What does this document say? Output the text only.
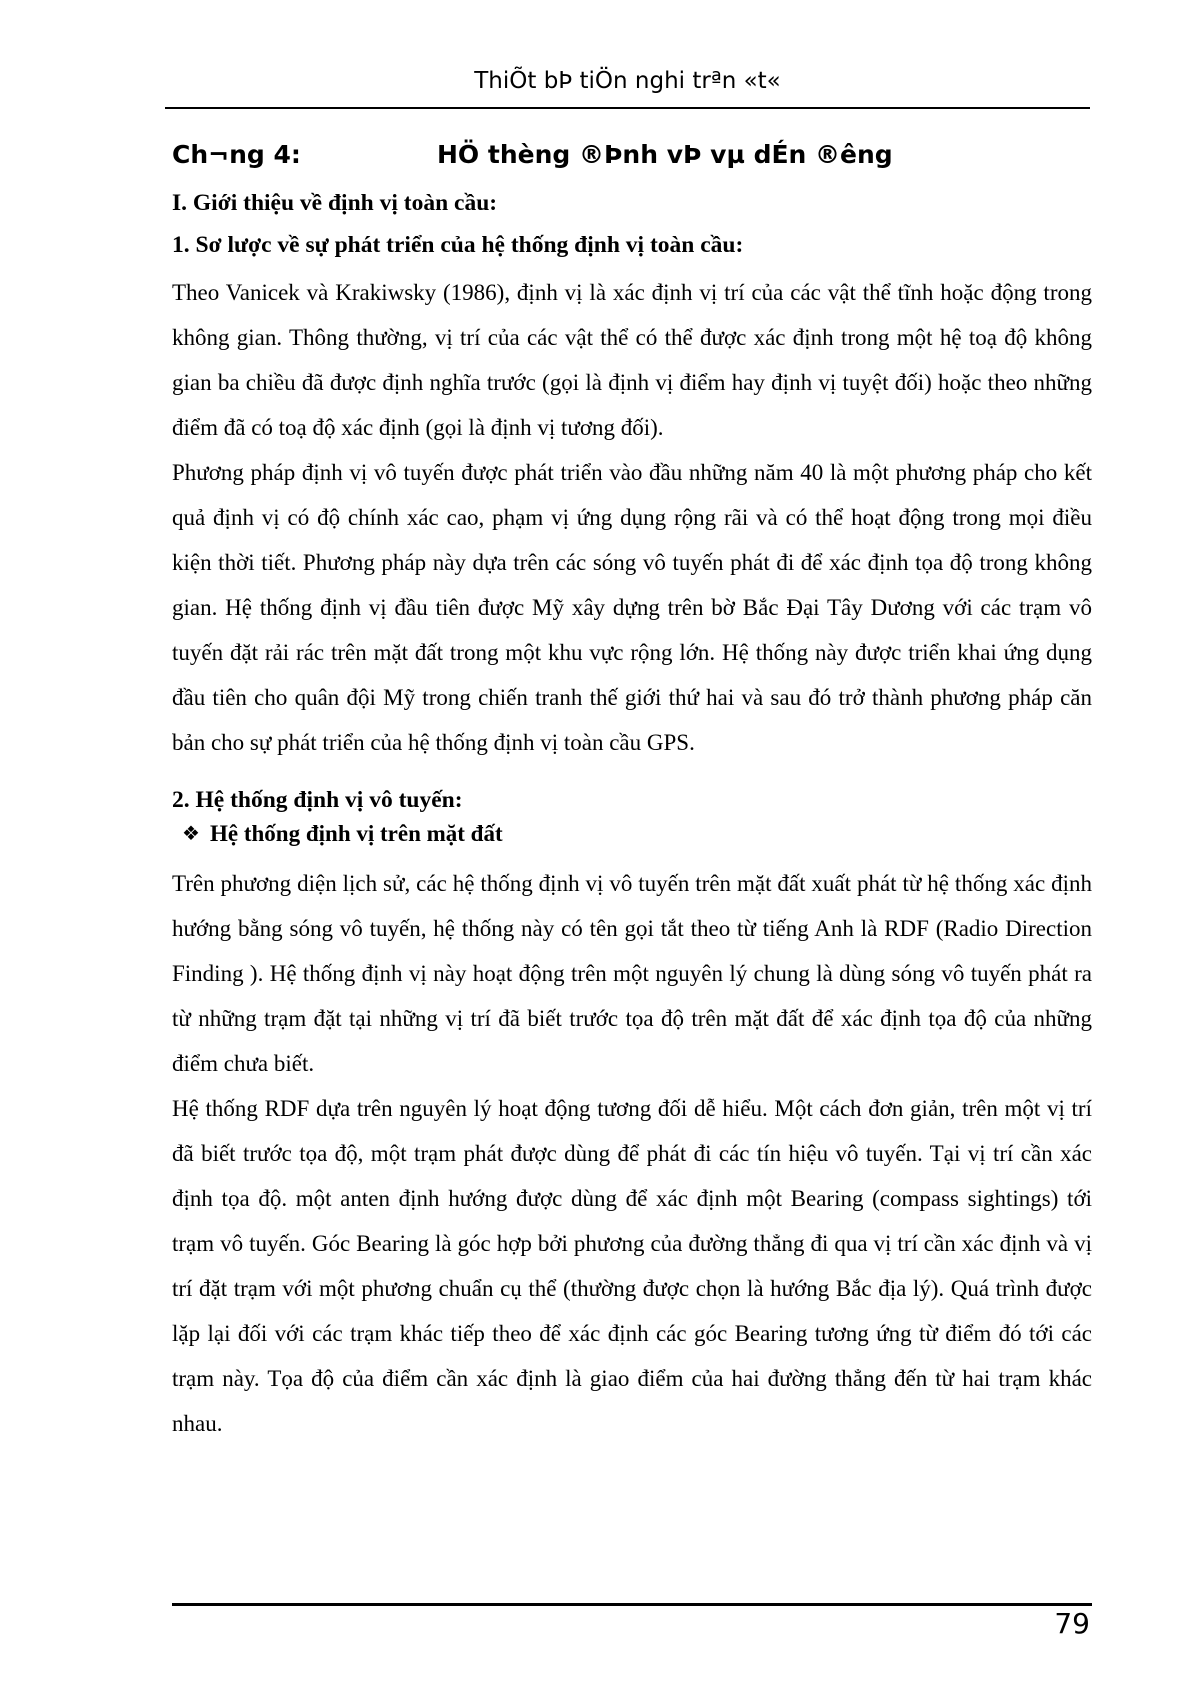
ThiÕt bÞ tiÖn nghi trªn «t«
Ch¬ng 4:	HÖ thèng ®Þnh vÞ vµ dÉn ®êng
I. Giới thiệu về định vị toàn cầu:
1. Sơ lược về sự phát triển của hệ thống định vị toàn cầu:

Theo Vanicek và Krakiwsky (1986), định vị là xác định vị trí của các vật thể tĩnh hoặc động trong không gian. Thông thường, vị trí của các vật thể có thể được xác định trong một hệ toạ độ không gian ba chiều đã được định nghĩa trước (gọi là định vị điểm hay định vị tuyệt đối) hoặc theo những điểm đã có toạ độ xác định (gọi là định vị tương đối).

Phương pháp định vị vô tuyến được phát triển vào đầu những năm 40 là một phương pháp cho kết quả định vị có độ chính xác cao, phạm vị ứng dụng rộng rãi và có thể hoạt động trong mọi điều kiện thời tiết. Phương pháp này dựa trên các sóng vô tuyến phát đi để xác định tọa độ trong không gian. Hệ thống định vị đầu tiên được Mỹ xây dựng trên bờ Bắc Đại Tây Dương với các trạm vô tuyến đặt rải rác trên mặt đất trong một khu vực rộng lớn. Hệ thống này được triển khai ứng dụng đầu tiên cho quân đội Mỹ trong chiến tranh thế giới thứ hai và sau đó trở thành phương pháp căn bản cho sự phát triển của hệ thống định vị toàn cầu GPS.

2. Hệ thống định vị vô tuyến:
❖ Hệ thống định vị trên mặt đất

Trên phương diện lịch sử, các hệ thống định vị vô tuyến trên mặt đất xuất phát từ hệ thống xác định hướng bằng sóng vô tuyến, hệ thống này có tên gọi tắt theo từ tiếng Anh là RDF (Radio Direction Finding ). Hệ thống định vị này hoạt động trên một nguyên lý chung là dùng sóng vô tuyến phát ra từ những trạm đặt tại những vị trí đã biết trước tọa độ trên mặt đất để xác định tọa độ của những điểm chưa biết.

Hệ thống RDF dựa trên nguyên lý hoạt động tương đối dễ hiểu. Một cách đơn giản, trên một vị trí đã biết trước tọa độ, một trạm phát được dùng để phát đi các tín hiệu vô tuyến. Tại vị trí cần xác định tọa độ. một anten định hướng được dùng để xác định một Bearing (compass sightings) tới trạm vô tuyến. Góc Bearing là góc hợp bởi phương của đường thẳng đi qua vị trí cần xác định và vị trí đặt trạm với một phương chuẩn cụ thể (thường được chọn là hướng Bắc địa lý). Quá trình được lặp lại đối với các trạm khác tiếp theo để xác định các góc Bearing tương ứng từ điểm đó tới các trạm này. Tọa độ của điểm cần xác định là giao điểm của hai đường thẳng đến từ hai trạm khác nhau.

79
